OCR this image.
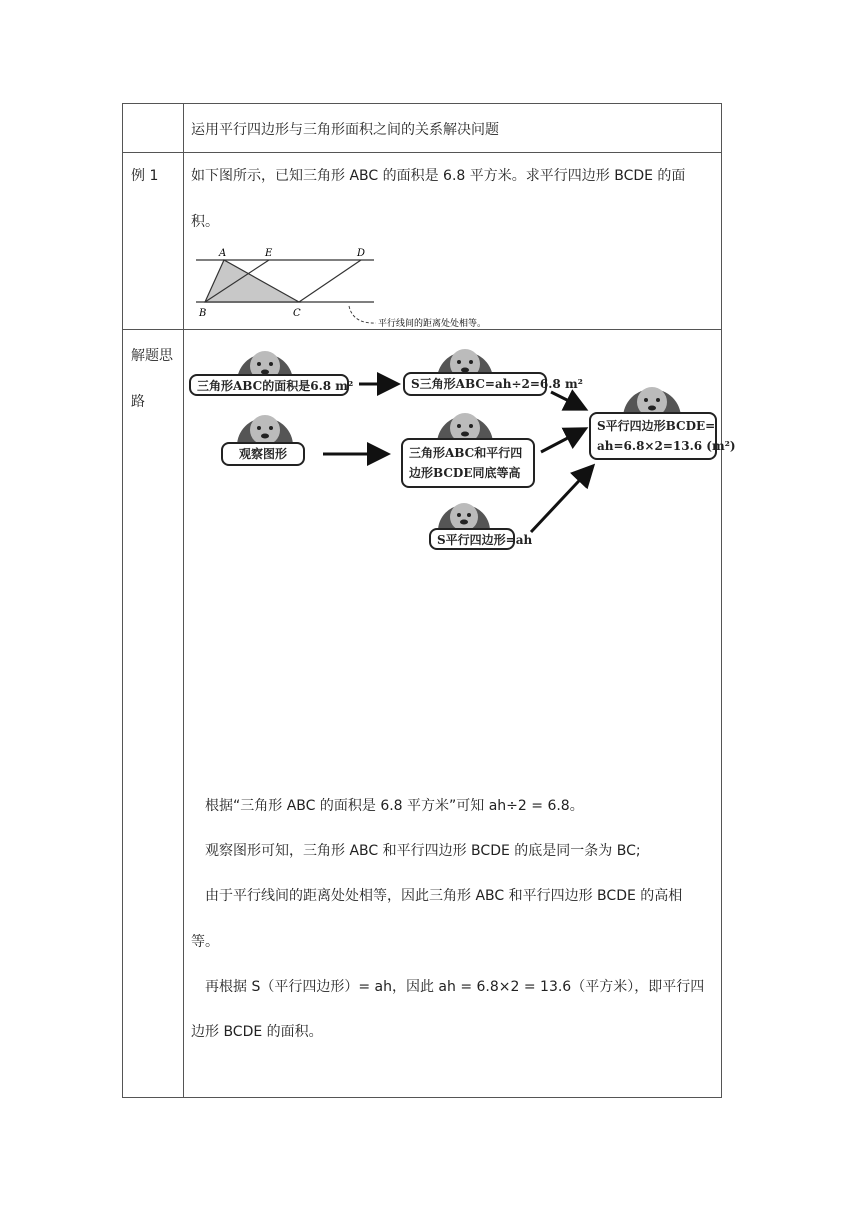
运用平行四边形与三角形面积之间的关系解决问题
例 1 如下图所示，已知三角形 ABC 的面积是 6.8 平方米。求平行四边形 BCDE 的面
积。
A	E	D
B	C
平行线间的距离处处相等。
解题思
路
三角形ABC的面积是6.8 m²
观察图形
S三角形ABC=ah÷2=6.8 m²
三角形ABC和平行四
边形BCDE同底等高
S平行四边形=ah
S平行四边形BCDE=
ah=6.8×2=13.6 (m²)
根据“三角形 ABC 的面积是 6.8 平方米”可知 ah÷2 = 6.8。
观察图形可知，三角形 ABC 和平行四边形 BCDE 的底是同一条为 BC;
由于平行线间的距离处处相等，因此三角形 ABC 和平行四边形 BCDE 的高相
等。
再根据 S（平行四边形）= ah，因此 ah = 6.8×2 = 13.6（平方米），即平行四
边形 BCDE 的面积。
